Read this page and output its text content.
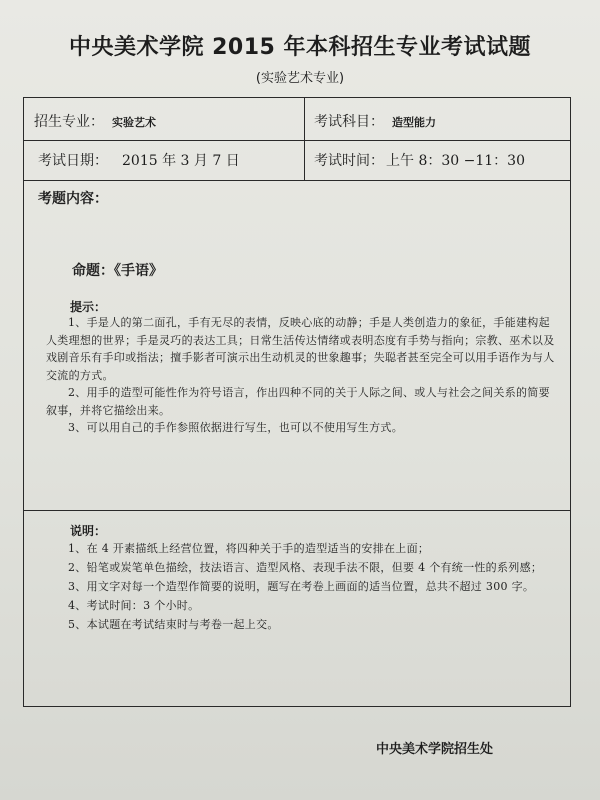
中央美术学院 2015 年本科招生专业考试试题
(实验艺术专业)
招生专业： 实验艺术	考试科目： 造型能力
考试日期： 2015 年 3 月 7 日	考试时间： 上午 8：30 −11：30
考题内容：
命题：《手语》
提示：

1、手是人的第二面孔，手有无尽的表情，反映心底的动静；手是人类创造力的象征，手能建构起人类理想的世界；手是灵巧的表达工具；日常生活传达情绪或表明态度有手势与指向；宗教、巫术以及戏剧音乐有手印或指法；擅手影者可演示出生动机灵的世象趣事；失聪者甚至完全可以用手语作为与人交流的方式。

2、用手的造型可能性作为符号语言，作出四种不同的关于人际之间、或人与社会之间关系的简要叙事，并将它描绘出来。

3、可以用自己的手作参照依据进行写生，也可以不使用写生方式。

说明：

1、在 4 开素描纸上经营位置，将四种关于手的造型适当的安排在上面；

2、铅笔或炭笔单色描绘，技法语言、造型风格、表现手法不限，但要 4 个有统一性的系列感；

3、用文字对每一个造型作简要的说明，题写在考卷上画面的适当位置，总共不超过 300 字。

4、考试时间：3 个小时。

5、本试题在考试结束时与考卷一起上交。

中央美术学院招生处
